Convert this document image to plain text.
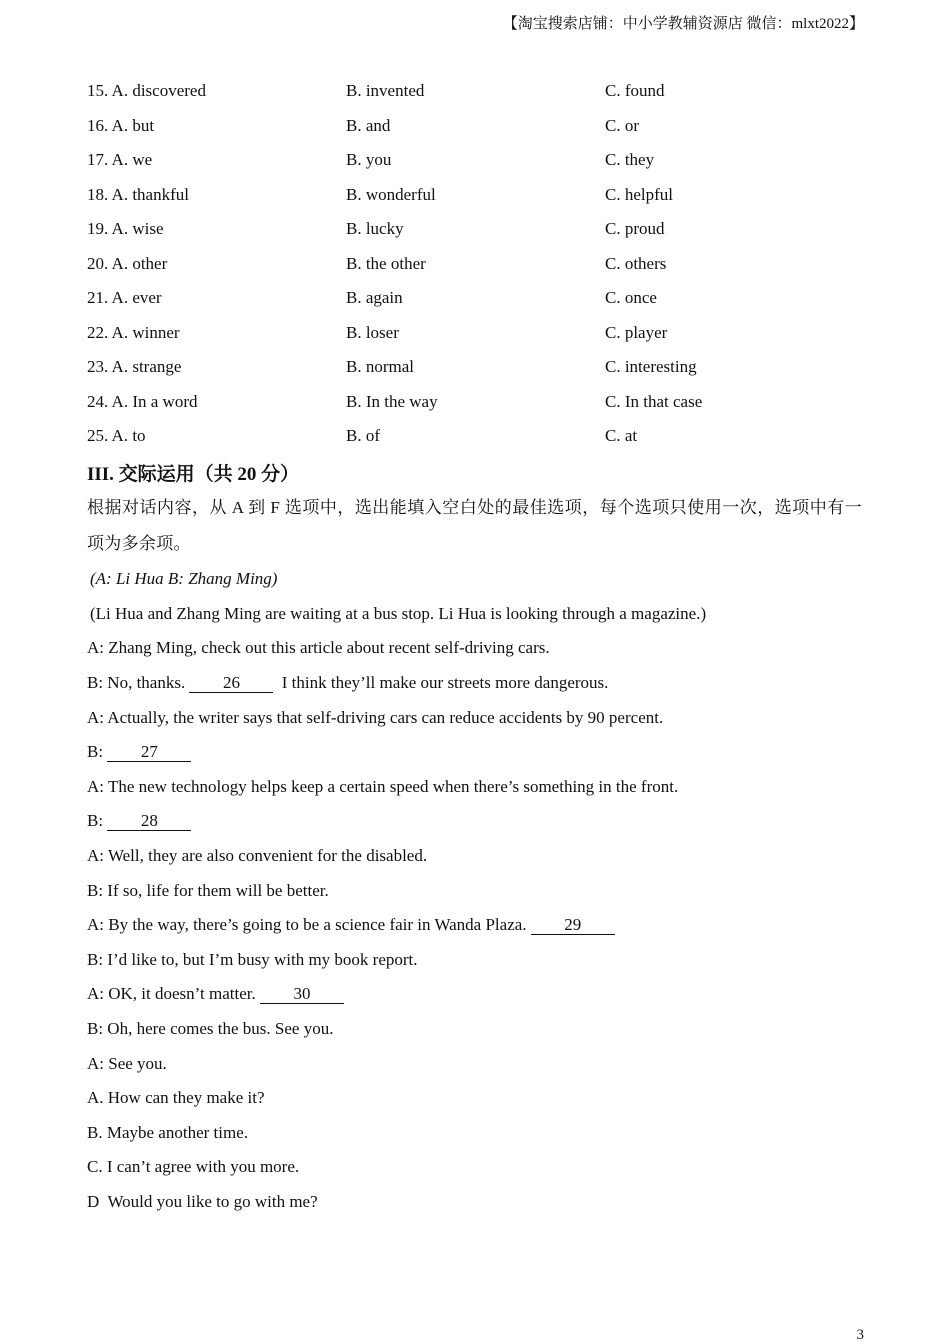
【淘宝搜索店铺：中小学教辅资源店 微信：mlxt2022】
15. A. discovered	B. invented	C. found
16. A. but	B. and	C. or
17. A. we	B. you	C. they
18. A. thankful	B. wonderful	C. helpful
19. A. wise	B. lucky	C. proud
20. A. other	B. the other	C. others
21. A. ever	B. again	C. once
22. A. winner	B. loser	C. player
23. A. strange	B. normal	C. interesting
24. A. In a word	B. In the way	C. In that case
25. A. to	B. of	C. at
III. 交际运用（共 20 分）
根据对话内容，从 A 到 F 选项中，选出能填入空白处的最佳选项，每个选项只使用一次，选项中有一项为多余项。
(A: Li Hua B: Zhang Ming)
(Li Hua and Zhang Ming are waiting at a bus stop. Li Hua is looking through a magazine.)
A: Zhang Ming, check out this article about recent self-driving cars.
B: No, thanks.	26	I think they’ll make our streets more dangerous.
A: Actually, the writer says that self-driving cars can reduce accidents by 90 percent.
B:	27
A: The new technology helps keep a certain speed when there’s something in the front.
B:	28
A: Well, they are also convenient for the disabled.
B: If so, life for them will be better.
A: By the way, there’s going to be a science fair in Wanda Plaza.	29
B: I’d like to, but I’m busy with my book report.
A: OK, it doesn’t matter.	30
B: Oh, here comes the bus. See you.
A: See you.
A. How can they make it?
B. Maybe another time.
C. I can’t agree with you more.
D  Would you like to go with me?
3
